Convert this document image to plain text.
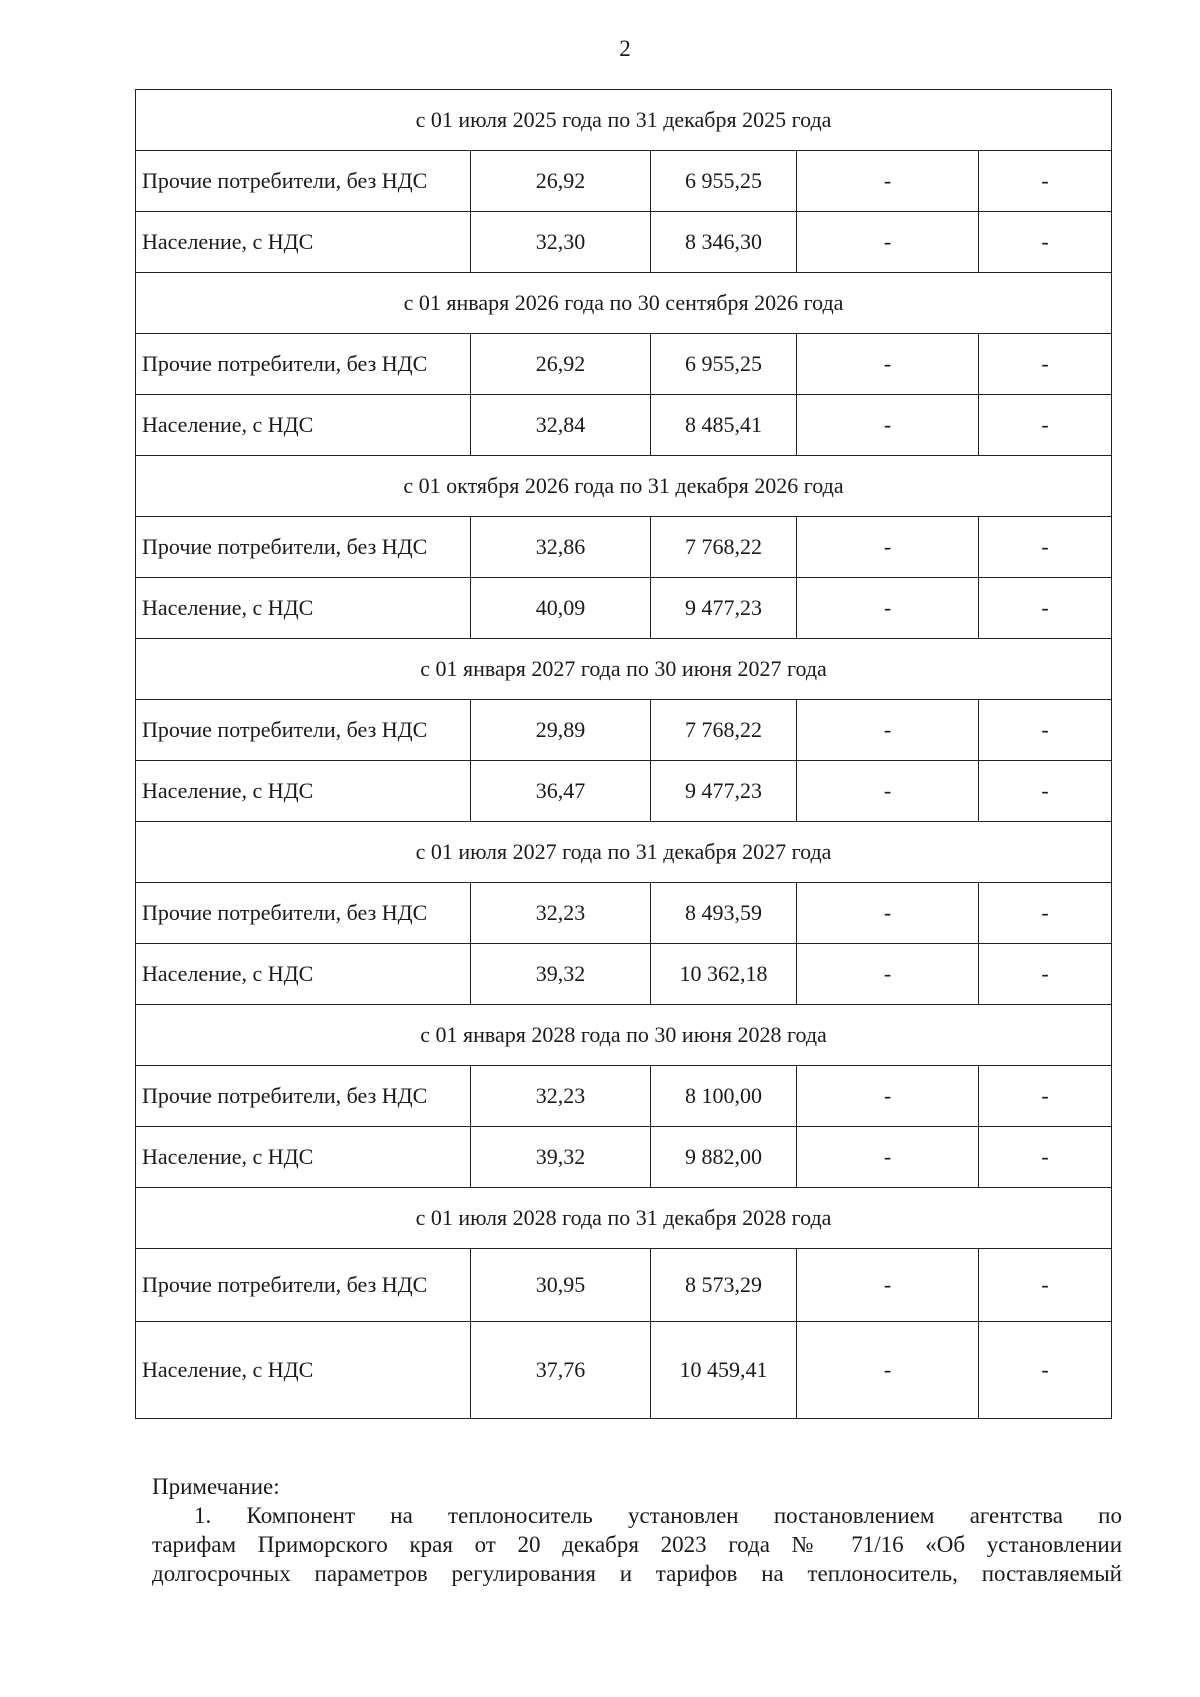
2
с 01 июля 2025 года по 31 декабря 2025 года				
Прочие потребители, без НДС	26,92	6 955,25	-	-
Население, с НДС	32,30	8 346,30	-	-
с 01 января 2026 года по 30 сентября 2026 года				
Прочие потребители, без НДС	26,92	6 955,25	-	-
Население, с НДС	32,84	8 485,41	-	-
с 01 октября 2026 года по 31 декабря 2026 года				
Прочие потребители, без НДС	32,86	7 768,22	-	-
Население, с НДС	40,09	9 477,23	-	-
с 01 января 2027 года по 30 июня 2027 года				
Прочие потребители, без НДС	29,89	7 768,22	-	-
Население, с НДС	36,47	9 477,23	-	-
с 01 июля 2027 года по 31 декабря 2027 года				
Прочие потребители, без НДС	32,23	8 493,59	-	-
Население, с НДС	39,32	10 362,18	-	-
с 01 января 2028 года по 30 июня 2028 года				
Прочие потребители, без НДС	32,23	8 100,00	-	-
Население, с НДС	39,32	9 882,00	-	-
с 01 июля 2028 года по 31 декабря 2028 года				
Прочие потребители, без НДС	30,95	8 573,29	-	-
Население, с НДС	37,76	10 459,41	-	-

Примечание:

1. Компонент на теплоноситель установлен постановлением агентства по

тарифам Приморского края от 20 декабря 2023 года № 71/16 «Об установлении

долгосрочных параметров регулирования и тарифов на теплоноситель, поставляемый
